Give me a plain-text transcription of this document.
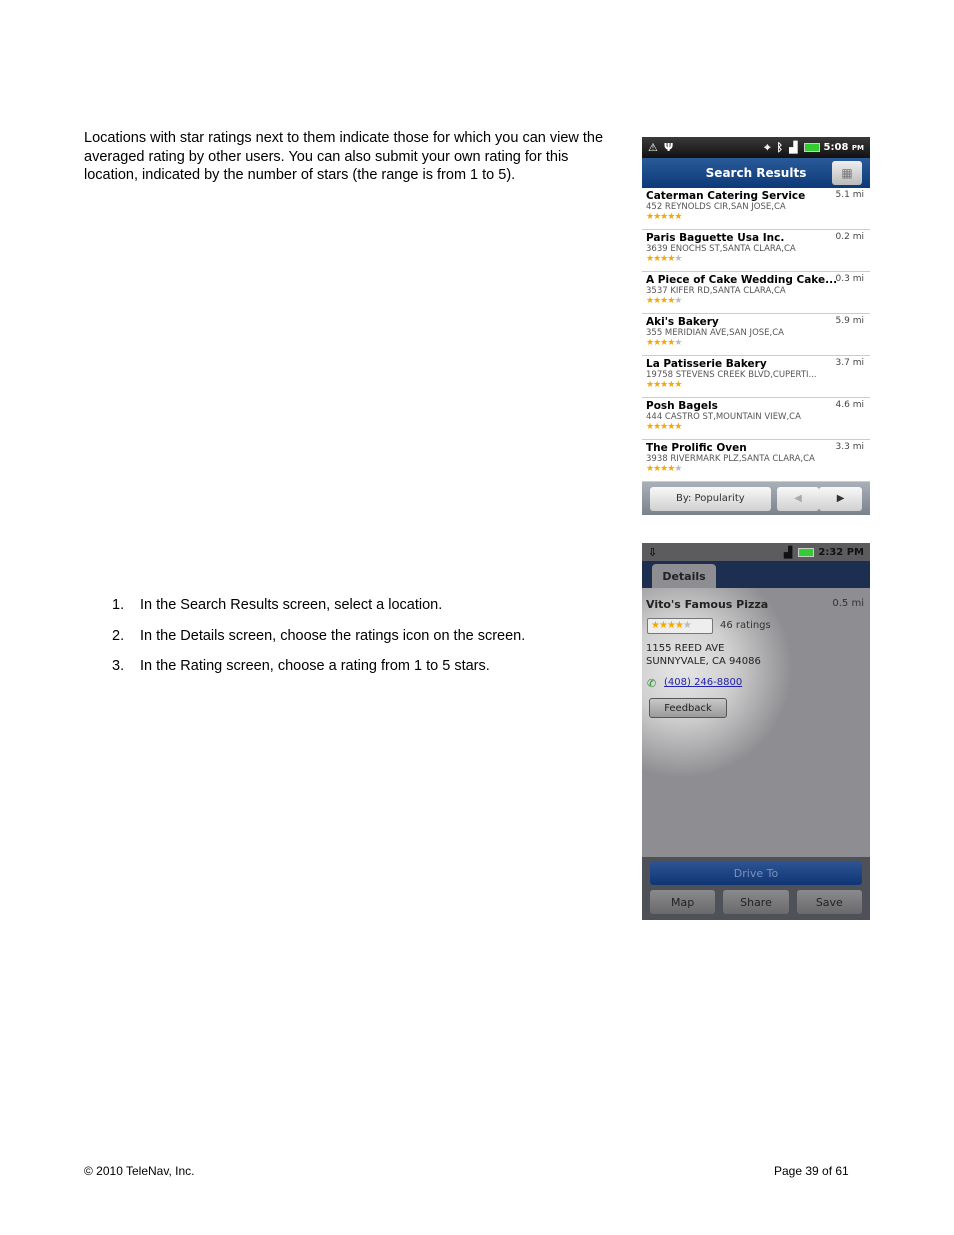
Locations with star ratings next to them indicate those for which you can view the averaged rating by other users. You can also submit your own rating for this location, indicated by the number of stars (the range is from 1 to 5).
1.	In the Search Results screen, select a location.
2.	In the Details screen, choose the ratings icon on the screen.
3.	In the Rating screen, choose a rating from 1 to 5 stars.
⚠ Ψ	⌖ ᛒ ▟	5:08
PM
Search Results	▦
Caterman Catering Service	5.1 mi
452 REYNOLDS CIR,SAN JOSE,CA
★★★★★
Paris Baguette Usa Inc.	0.2 mi
3639 ENOCHS ST,SANTA CLARA,CA
★★★★★
A Piece of Cake Wedding Cake...
0.3 mi
3537 KIFER RD,SANTA CLARA,CA
★★★★★
Aki's Bakery	5.9 mi
355 MERIDIAN AVE,SAN JOSE,CA
★★★★★
La Patisserie Bakery	3.7 mi
19758 STEVENS CREEK BLVD,CUPERTI...
★★★★★
Posh Bagels	4.6 mi
444 CASTRO ST,MOUNTAIN VIEW,CA
★★★★★
The Prolific Oven	3.3 mi
3938 RIVERMARK PLZ,SANTA CLARA,CA
★★★★★
By: Popularity	◀	▶
⇩	▟	2:32 PM
Details
Vito's Famous Pizza	0.5 mi
★ ★ ★ ★ ★	46 ratings
1155 REED AVE
SUNNYVALE, CA 94086
✆ (408) 246-8800
Feedback
Drive To
Map	Share	Save
© 2010 TeleNav, Inc.	Page 39 of 61
